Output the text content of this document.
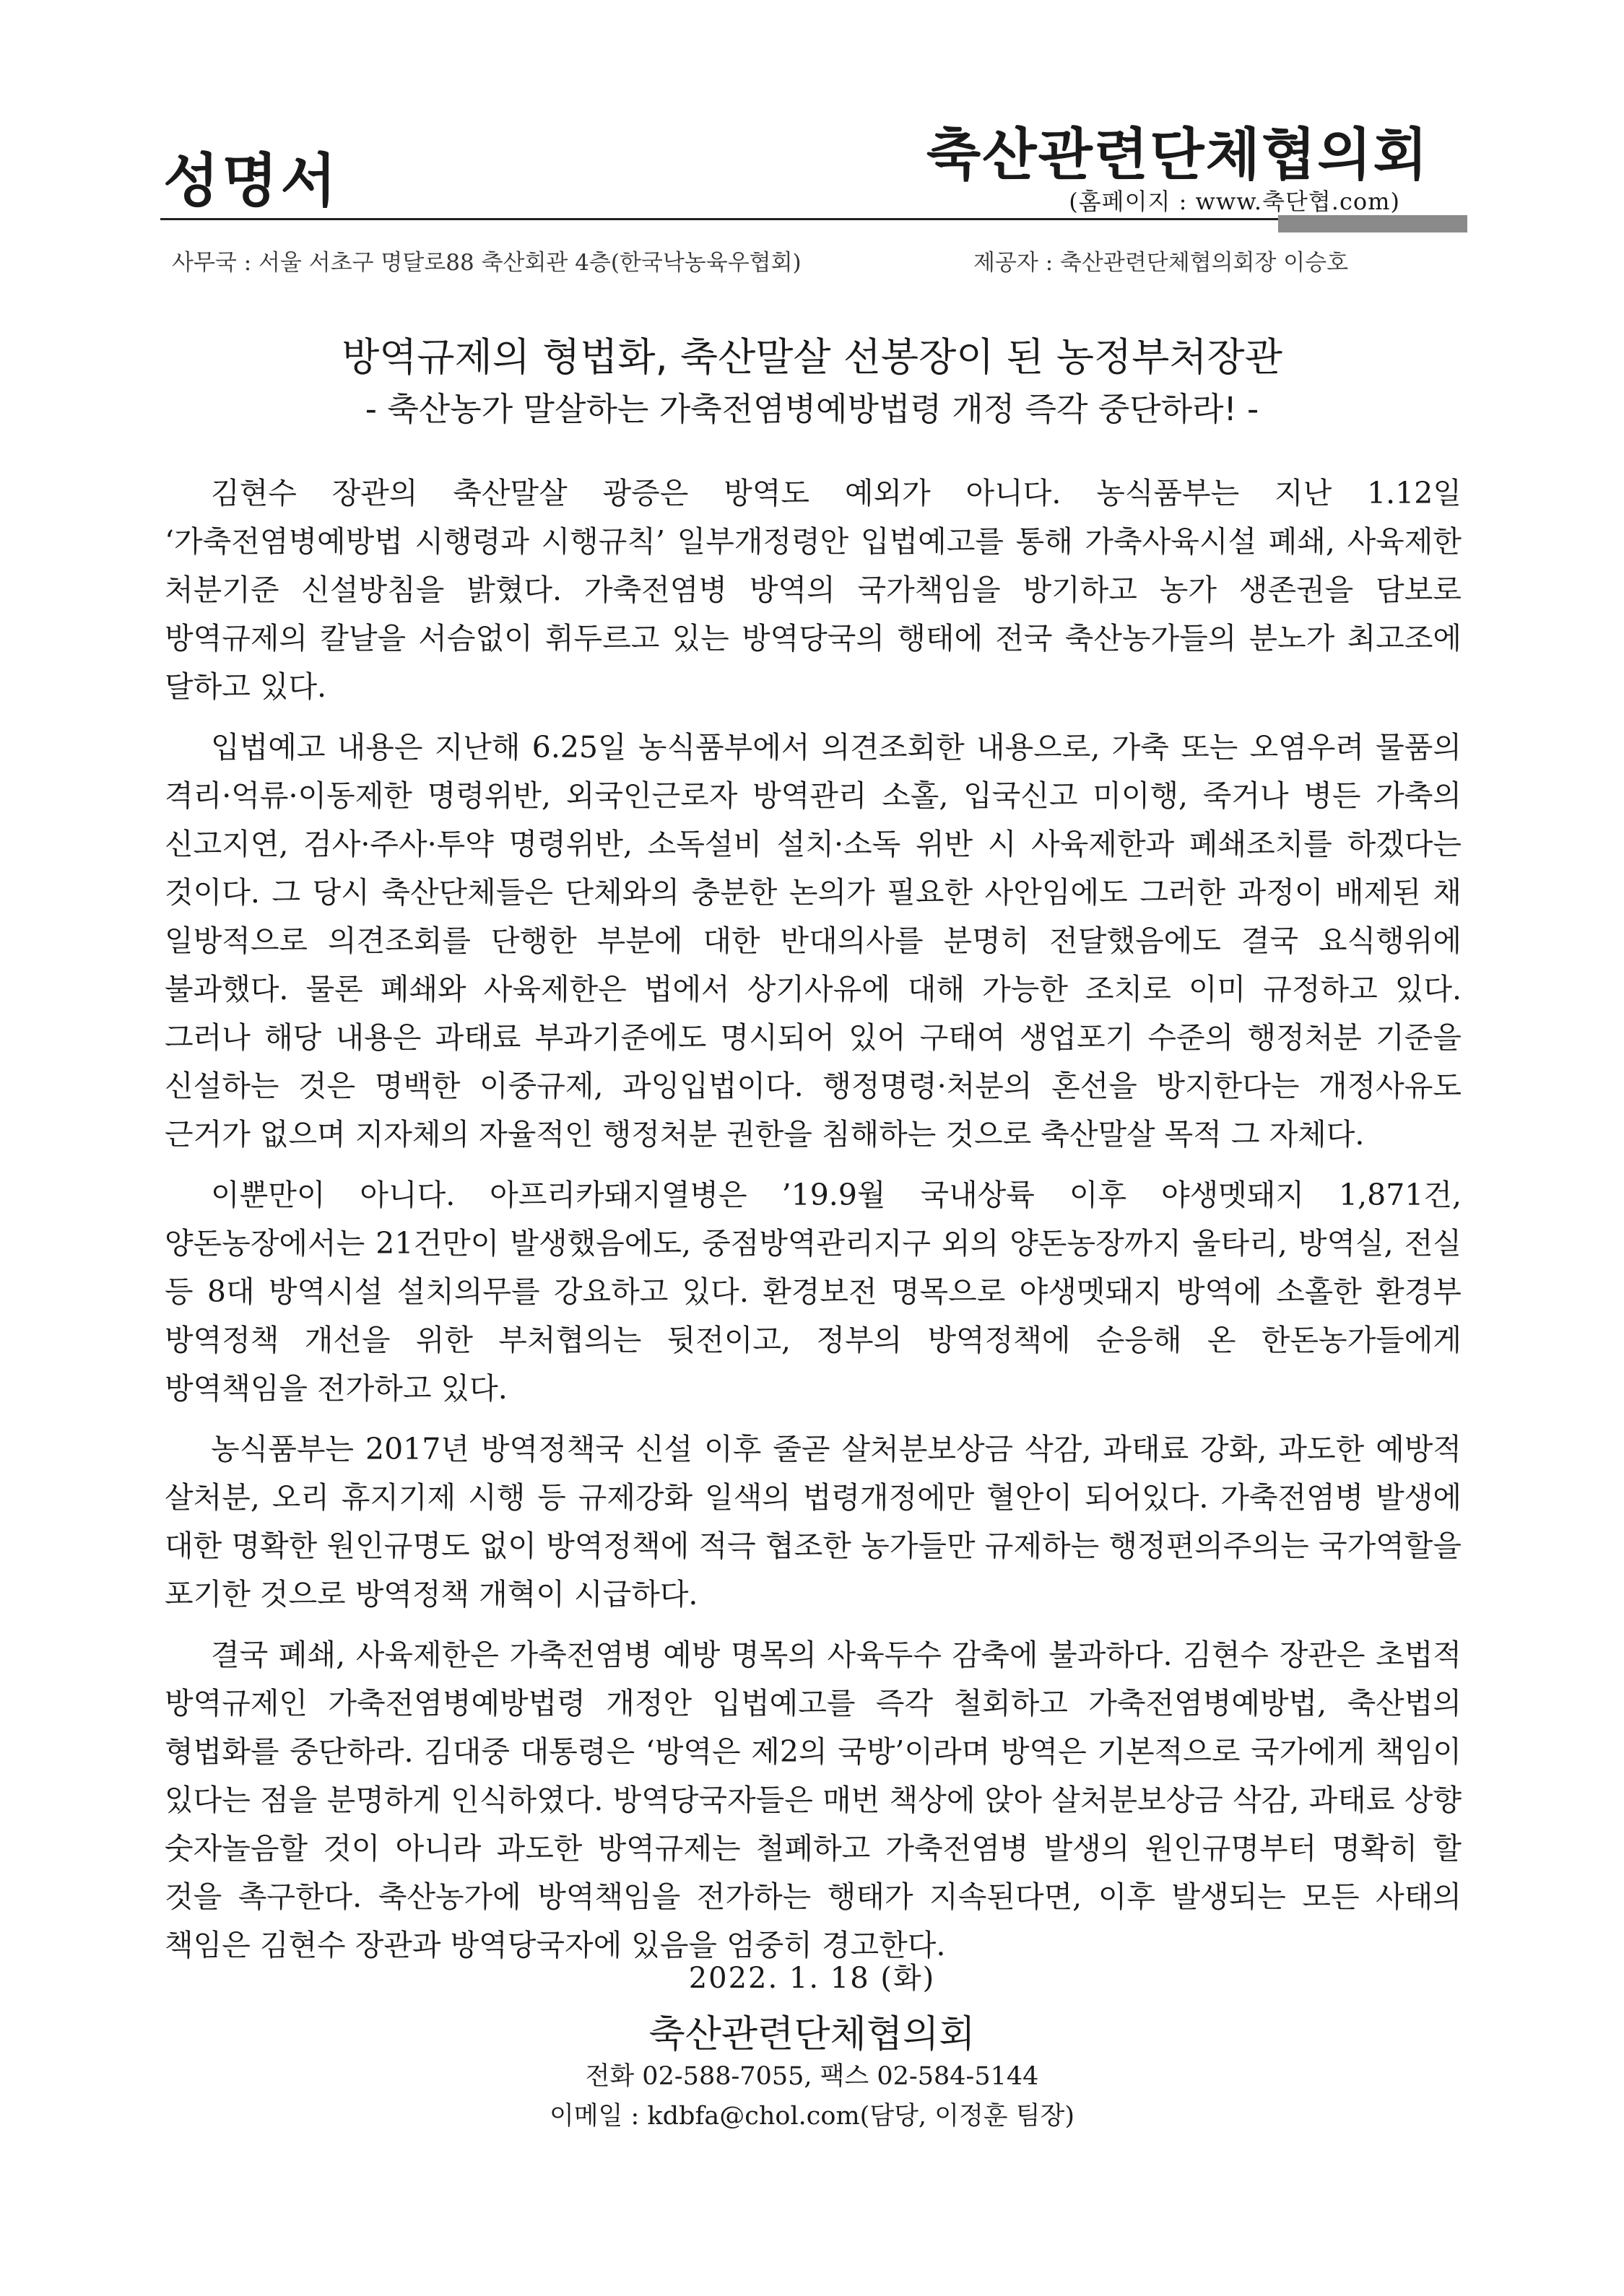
성명서	축산관련단체협의회
(홈페이지 : www.축단협.com)
사무국 : 서울 서초구 명달로88 축산회관 4층(한국낙농육우협회)	제공자 : 축산관련단체협의회장 이승호
방역규제의 형법화, 축산말살 선봉장이 된 농정부처장관
- 축산농가 말살하는 가축전염병예방법령 개정 즉각 중단하라! -

김현수 장관의 축산말살 광증은 방역도 예외가 아니다. 농식품부는 지난 1.12일 ‘가축전염병예방법 시행령과 시행규칙’ 일부개정령안 입법예고를 통해 가축사육시설 폐쇄, 사육제한 처분기준 신설방침을 밝혔다. 가축전염병 방역의 국가책임을 방기하고 농가 생존권을 담보로 방역규제의 칼날을 서슴없이 휘두르고 있는 방역당국의 행태에 전국 축산농가들의 분노가 최고조에 달하고 있다.

입법예고 내용은 지난해 6.25일 농식품부에서 의견조회한 내용으로, 가축 또는 오염우려 물품의 격리·억류·이동제한 명령위반, 외국인근로자 방역관리 소홀, 입국신고 미이행, 죽거나 병든 가축의 신고지연, 검사·주사·투약 명령위반, 소독설비 설치·소독 위반 시 사육제한과 폐쇄조치를 하겠다는 것이다. 그 당시 축산단체들은 단체와의 충분한 논의가 필요한 사안임에도 그러한 과정이 배제된 채 일방적으로 의견조회를 단행한 부분에 대한 반대의사를 분명히 전달했음에도 결국 요식행위에 불과했다. 물론 폐쇄와 사육제한은 법에서 상기사유에 대해 가능한 조치로 이미 규정하고 있다. 그러나 해당 내용은 과태료 부과기준에도 명시되어 있어 구태여 생업포기 수준의 행정처분 기준을 신설하는 것은 명백한 이중규제, 과잉입법이다. 행정명령·처분의 혼선을 방지한다는 개정사유도 근거가 없으며 지자체의 자율적인 행정처분 권한을 침해하는 것으로 축산말살 목적 그 자체다.

이뿐만이 아니다. 아프리카돼지열병은 ’19.9월 국내상륙 이후 야생멧돼지 1,871건, 양돈농장에서는 21건만이 발생했음에도, 중점방역관리지구 외의 양돈농장까지 울타리, 방역실, 전실 등 8대 방역시설 설치의무를 강요하고 있다. 환경보전 명목으로 야생멧돼지 방역에 소홀한 환경부 방역정책 개선을 위한 부처협의는 뒷전이고, 정부의 방역정책에 순응해 온 한돈농가들에게 방역책임을 전가하고 있다.

농식품부는 2017년 방역정책국 신설 이후 줄곧 살처분보상금 삭감, 과태료 강화, 과도한 예방적 살처분, 오리 휴지기제 시행 등 규제강화 일색의 법령개정에만 혈안이 되어있다. 가축전염병 발생에 대한 명확한 원인규명도 없이 방역정책에 적극 협조한 농가들만 규제하는 행정편의주의는 국가역할을 포기한 것으로 방역정책 개혁이 시급하다.

결국 폐쇄, 사육제한은 가축전염병 예방 명목의 사육두수 감축에 불과하다. 김현수 장관은 초법적 방역규제인 가축전염병예방법령 개정안 입법예고를 즉각 철회하고 가축전염병예방법, 축산법의 형법화를 중단하라. 김대중 대통령은 ‘방역은 제2의 국방’이라며 방역은 기본적으로 국가에게 책임이 있다는 점을 분명하게 인식하였다. 방역당국자들은 매번 책상에 앉아 살처분보상금 삭감, 과태료 상향 숫자놀음할 것이 아니라 과도한 방역규제는 철폐하고 가축전염병 발생의 원인규명부터 명확히 할 것을 촉구한다. 축산농가에 방역책임을 전가하는 행태가 지속된다면, 이후 발생되는 모든 사태의 책임은 김현수 장관과 방역당국자에 있음을 엄중히 경고한다.

2022. 1. 18 (화)
축산관련단체협의회
전화 02-588-7055, 팩스 02-584-5144
이메일 : kdbfa@chol.com(담당, 이정훈 팀장)
